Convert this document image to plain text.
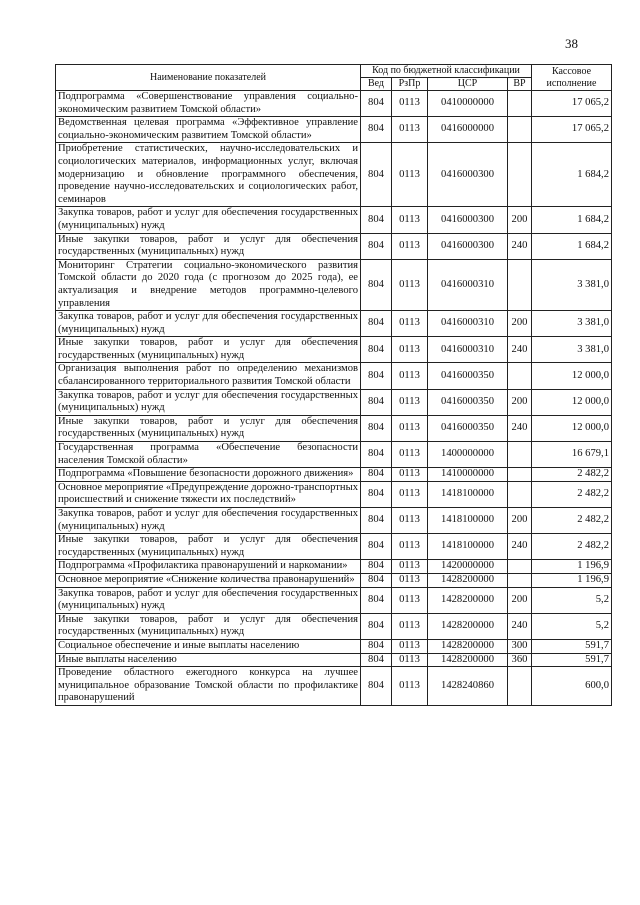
38
Наименование показателей	Код по бюджетной классификации				Кассовое исполнение
	Вед	РзПр	ЦСР	ВР	
Подпрограмма «Совершенствование управления социально-экономическим развитием Томской области»	804	0113	0410000000		17 065,2
Ведомственная целевая программа «Эффективное управление социально-экономическим развитием Томской области»	804	0113	0416000000		17 065,2
Приобретение статистических, научно-исследовательских и социологических материалов, информационных услуг, включая модернизацию и обновление программного обеспечения, проведение научно-исследовательских и социологических работ, семинаров	804	0113	0416000300		1 684,2
Закупка товаров, работ и услуг для обеспечения государственных (муниципальных) нужд	804	0113	0416000300	200	1 684,2
Иные закупки товаров, работ и услуг для обеспечения государственных (муниципальных) нужд	804	0113	0416000300	240	1 684,2
Мониторинг Стратегии социально-экономического развития Томской области до 2020 года (с прогнозом до 2025 года), ее актуализация и внедрение методов программно-целевого управления	804	0113	0416000310		3 381,0
Закупка товаров, работ и услуг для обеспечения государственных (муниципальных) нужд	804	0113	0416000310	200	3 381,0
Иные закупки товаров, работ и услуг для обеспечения государственных (муниципальных) нужд	804	0113	0416000310	240	3 381,0
Организация выполнения работ по определению механизмов сбалансированного территориального развития Томской области	804	0113	0416000350		12 000,0
Закупка товаров, работ и услуг для обеспечения государственных (муниципальных) нужд	804	0113	0416000350	200	12 000,0
Иные закупки товаров, работ и услуг для обеспечения государственных (муниципальных) нужд	804	0113	0416000350	240	12 000,0
Государственная программа «Обеспечение безопасности населения Томской области»	804	0113	1400000000		16 679,1
Подпрограмма «Повышение безопасности дорожного движения»	804	0113	1410000000		2 482,2
Основное мероприятие «Предупреждение дорожно-транспортных происшествий и снижение тяжести их последствий»	804	0113	1418100000		2 482,2
Закупка товаров, работ и услуг для обеспечения государственных (муниципальных) нужд	804	0113	1418100000	200	2 482,2
Иные закупки товаров, работ и услуг для обеспечения государственных (муниципальных) нужд	804	0113	1418100000	240	2 482,2
Подпрограмма «Профилактика правонарушений и наркомании»	804	0113	1420000000		1 196,9
Основное мероприятие «Снижение количества правонарушений»	804	0113	1428200000		1 196,9
Закупка товаров, работ и услуг для обеспечения государственных (муниципальных) нужд	804	0113	1428200000	200	5,2
Иные закупки товаров, работ и услуг для обеспечения государственных (муниципальных) нужд	804	0113	1428200000	240	5,2
Социальное обеспечение и иные выплаты населению	804	0113	1428200000	300	591,7
Иные выплаты населению	804	0113	1428200000	360	591,7
Проведение областного ежегодного конкурса на лучшее муниципальное образование Томской области по профилактике правонарушений	804	0113	1428240860		600,0
